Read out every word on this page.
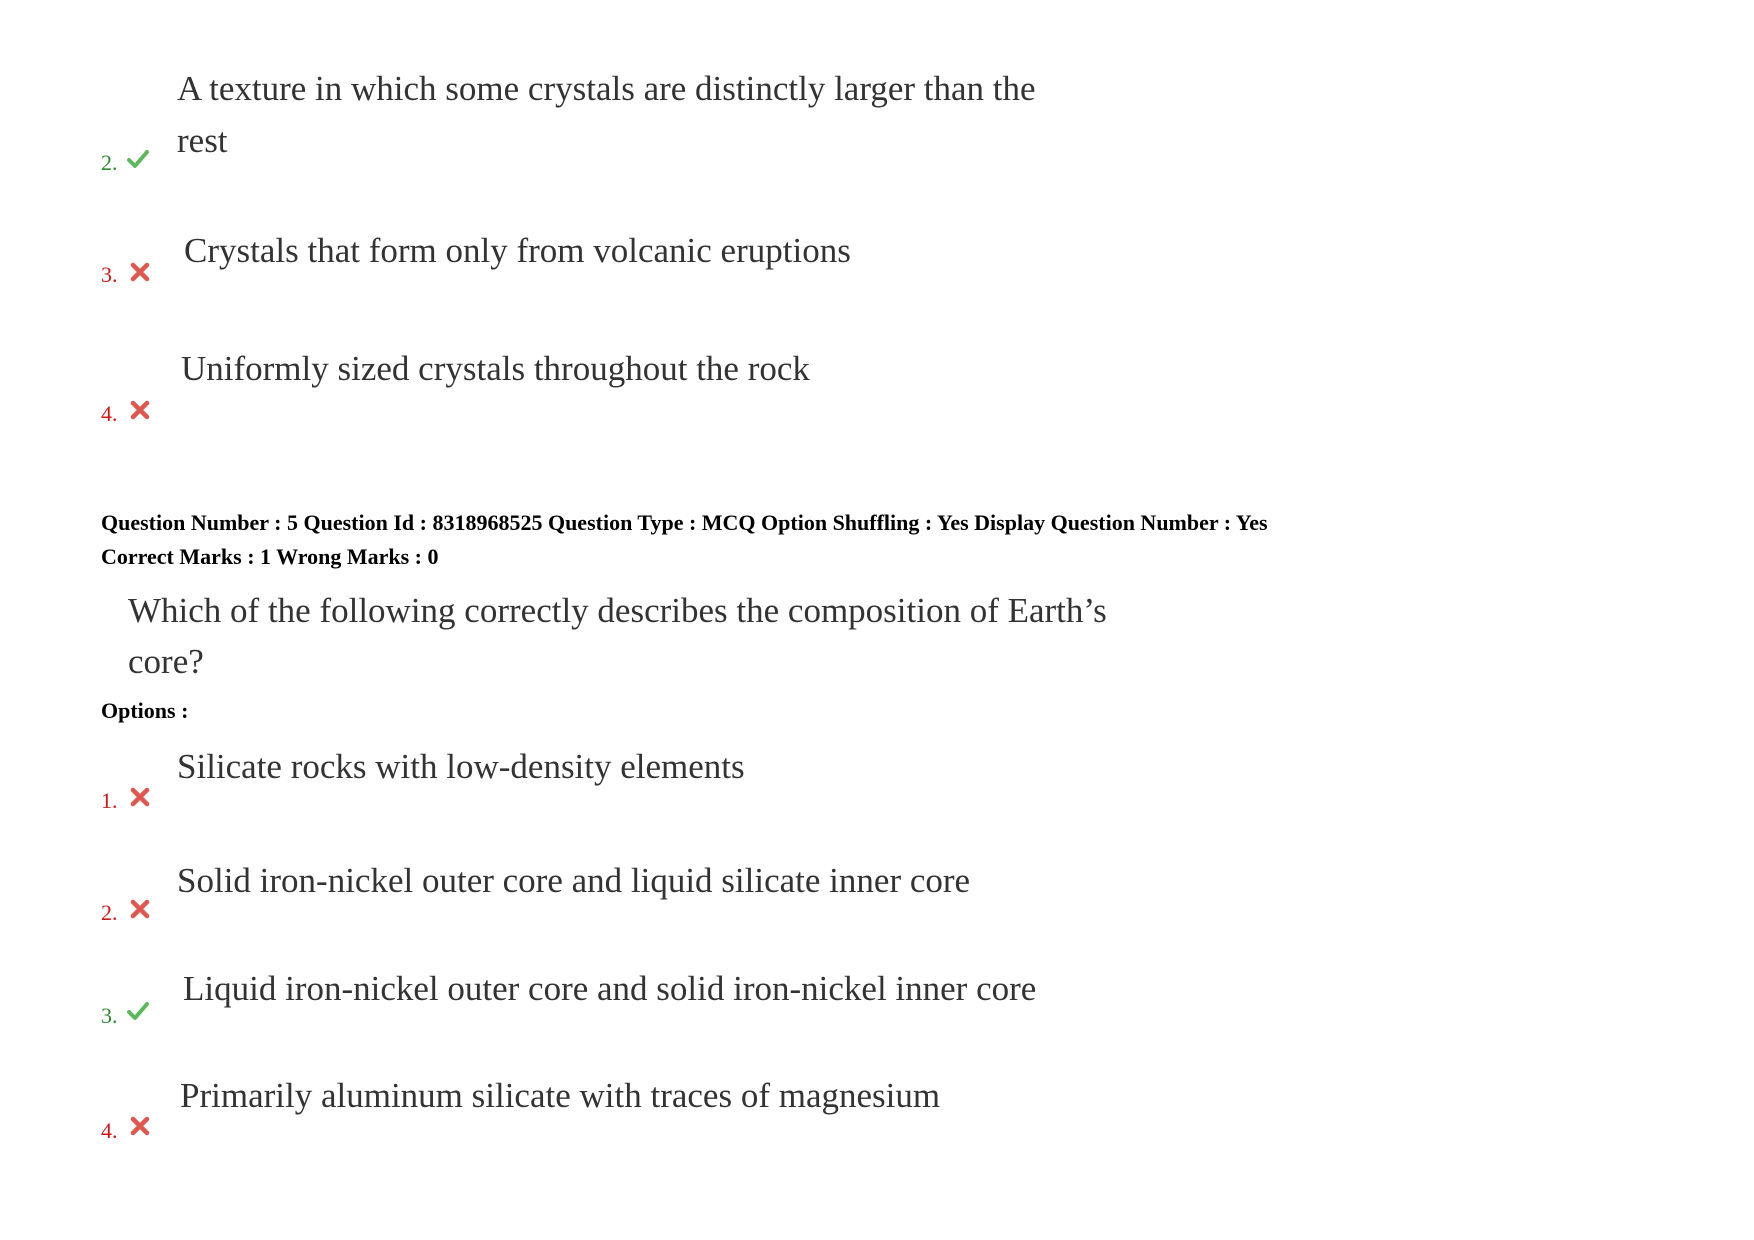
2.
A texture in which some crystals are distinctly larger than the
rest
3.
Crystals that form only from volcanic eruptions
4.
Uniformly sized crystals throughout the rock
Question Number : 5 Question Id : 8318968525 Question Type : MCQ Option Shuffling : Yes Display Question Number : Yes
Correct Marks : 1 Wrong Marks : 0
Which of the following correctly describes the composition of Earth’s
core?
Options :
1.
Silicate rocks with low-density elements
2.
Solid iron-nickel outer core and liquid silicate inner core
3.
Liquid iron-nickel outer core and solid iron-nickel inner core
4.
Primarily aluminum silicate with traces of magnesium
